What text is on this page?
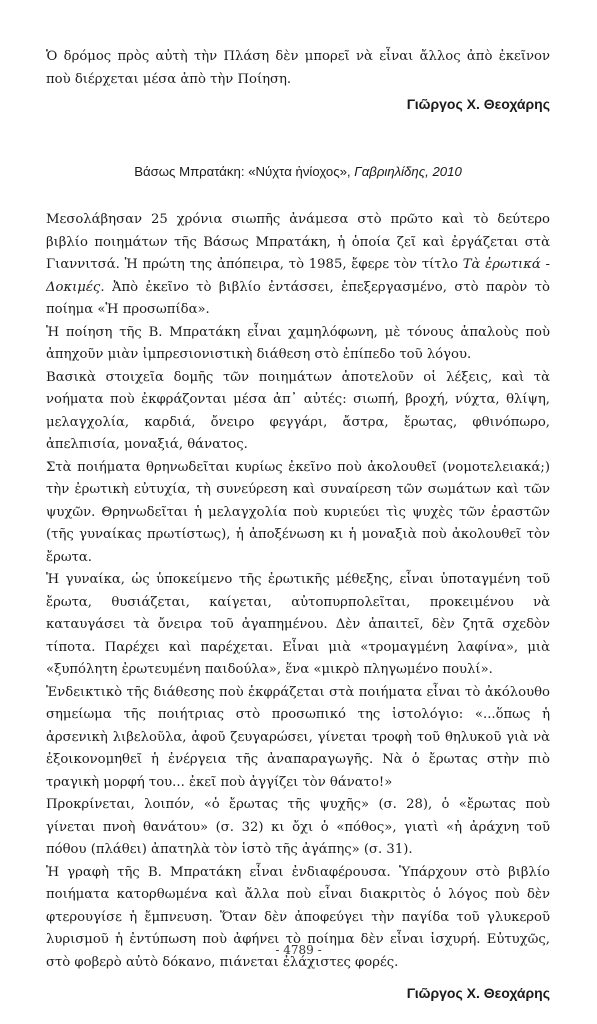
Ὁ δρόμος πρὸς αὐτὴ τὴν Πλάση δὲν μπορεῖ νὰ εἶναι ἄλλος ἀπὸ ἐκεῖνον ποὺ διέρχεται μέσα ἀπὸ τὴν Ποίηση.

Γιῶργος Χ. Θεοχάρης
Βάσως Μπρατάκη: «Νύχτα ἡνίοχος», Γαβριηλίδης, 2010

Μεσολάβησαν 25 χρόνια σιωπῆς ἀνάμεσα στὸ πρῶτο καὶ τὸ δεύτερο βιβλίο ποιημάτων τῆς Βάσως Μπρατάκη, ἡ ὁποία ζεῖ καὶ ἐργάζεται στὰ Γιαννιτσά. Ἡ πρώτη της ἀπόπειρα, τὸ 1985, ἔφερε τὸν τίτλο Τὰ ἐρωτικά - Δοκιμές. Ἀπὸ ἐκεῖνο τὸ βιβλίο ἐντάσσει, ἐπεξεργασμένο, στὸ παρὸν τὸ ποίημα «Ἡ προσωπίδα».

Ἡ ποίηση τῆς Β. Μπρατάκη εἶναι χαμηλόφωνη, μὲ τόνους ἁπαλοὺς ποὺ ἀπηχοῦν μιὰν ἰμπρεσιονιστικὴ διάθεση στὸ ἐπίπεδο τοῦ λόγου.

Βασικὰ στοιχεῖα δομῆς τῶν ποιημάτων ἀποτελοῦν οἱ λέξεις, καὶ τὰ νοήματα ποὺ ἐκφράζονται μέσα ἀπ᾽ αὐτές: σιωπή, βροχή, νύχτα, θλίψη, μελαγχολία, καρδιά, ὄνειρο φεγγάρι, ἄστρα, ἔρωτας, φθινόπωρο, ἀπελπισία, μοναξιά, θάνατος.

Στὰ ποιήματα θρηνωδεῖται κυρίως ἐκεῖνο ποὺ ἀκολουθεῖ (νομοτελειακά;) τὴν ἐρωτικὴ εὐτυχία, τὴ συνεύρεση καὶ συναίρεση τῶν σωμάτων καὶ τῶν ψυχῶν. Θρηνωδεῖται ἡ μελαγχολία ποὺ κυριεύει τὶς ψυχὲς τῶν ἐραστῶν (τῆς γυναίκας πρωτίστως), ἡ ἀποξένωση κι ἡ μοναξιὰ ποὺ ἀκολουθεῖ τὸν ἔρωτα.

Ἡ γυναίκα, ὡς ὑποκείμενο τῆς ἐρωτικῆς μέθεξης, εἶναι ὑποταγμένη τοῦ ἔρωτα, θυσιάζεται, καίγεται, αὐτοπυρπολεῖται, προκειμένου νὰ καταυγάσει τὰ ὄνειρα τοῦ ἀγαπημένου. Δὲν ἀπαιτεῖ, δὲν ζητᾶ σχεδὸν τίποτα. Παρέχει καὶ παρέχεται. Εἶναι μιὰ «τρομαγμένη λαφίνα», μιὰ «ξυπόλητη ἐρωτευμένη παιδούλα», ἕνα «μικρὸ πληγωμένο πουλί».

Ἐνδεικτικὸ τῆς διάθεσης ποὺ ἐκφράζεται στὰ ποιήματα εἶναι τὸ ἀκόλουθο σημείωμα τῆς ποιήτριας στὸ προσωπικό της ἱστολόγιο: «...ὅπως ἡ ἀρσενικὴ λιβελοῦλα, ἀφοῦ ζευγαρώσει, γίνεται τροφὴ τοῦ θηλυκοῦ γιὰ νὰ ἐξοικονομηθεῖ ἡ ἐνέργεια τῆς ἀναπαραγωγῆς. Νὰ ὁ ἔρωτας στὴν πιὸ τραγικὴ μορφή του... ἐκεῖ ποὺ ἀγγίζει τὸν θάνατο!»

Προκρίνεται, λοιπόν, «ὁ ἔρωτας τῆς ψυχῆς» (σ. 28), ὁ «ἔρωτας ποὺ γίνεται πνοὴ θανάτου» (σ. 32) κι ὄχι ὁ «πόθος», γιατὶ «ἡ ἀράχνη τοῦ πόθου (πλάθει) ἀπατηλὰ τὸν ἱστὸ τῆς ἀγάπης» (σ. 31).

Ἡ γραφὴ τῆς Β. Μπρατάκη εἶναι ἐνδιαφέρουσα. Ὑπάρχουν στὸ βιβλίο ποιήματα κατορθωμένα καὶ ἄλλα ποὺ εἶναι διακριτὸς ὁ λόγος ποὺ δὲν φτερουγίσε ἡ ἔμπνευση. Ὅταν δὲν ἀποφεύγει τὴν παγίδα τοῦ γλυκεροῦ λυρισμοῦ ἡ ἐντύπωση ποὺ ἀφήνει τὸ ποίημα δὲν εἶναι ἰσχυρή. Εὐτυχῶς, στὸ φοβερὸ αὐτὸ δόκανο, πιάνεται ἐλάχιστες φορές.

Γιῶργος Χ. Θεοχάρης
- 4789 -
